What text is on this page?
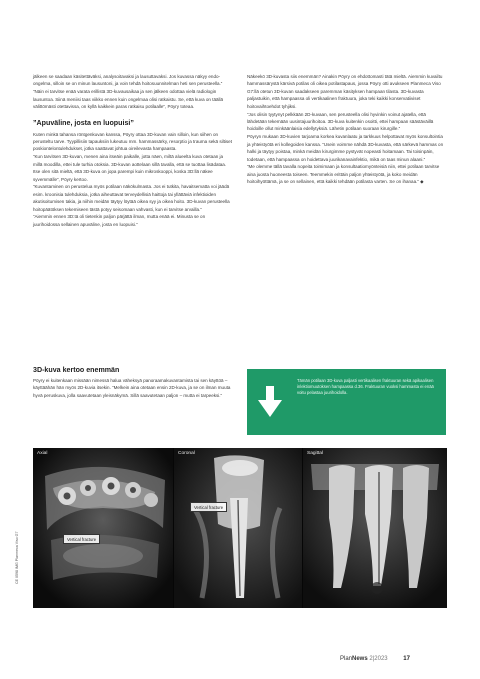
jälkeen se saadaan käsitettäväksi, analysoitavaksi ja lausuttavaksi. Jos kuvassa näkyy endo-ongelma, silloin se on minun lausuntoni, ja voin tehdä hoitosuunnitelman heti sen perusteella.”

”Näin ei tarvitse enää varata erillistä 3D-kuvausaikaa ja sen jälkeen odottaa vielä radiologin lausuntoa. Siinä meniisi taas viikko ennen kuin ongelmaa olisi ratkaistu. Se, että kuva on täällä välittömästi otettavissa, on kyllä kaikkein paras ratkaisu potilaalle”, Pöyry toteaa.

”Apuväline, josta en luopuisi”

Kuten minkä tahansa röntgenkuvan kanssa, Pöyry ottaa 3D-kuvan vain silloin, kun siihen on perusteltu tarve. Tyypillisiin tapauksiin lukeutuu mm. hammassärky, resorptio ja trauma sekä siltiset poskiontelontulehdukset, jotka saattavat johtua oireilevasta hampaasta.

”Kun tarvitsen 3D-kuvan, menen aina itseäin paikalle, jotta näen, miltä alueelta kuva otetaan ja millä moodilla, ettei tule turhia otoksia. 3D-kuvan aottelaan sillä tavalla, että se tuottaa lisädataa. Itse olen sitä mieltä, että 3D-kuva on jopa parempi kuin mikroskooppi, koska 3D:llä näkee syvemmälle”, Pöyry kertoo.

”Kuvantaminen on perustelua myös potilaan näkökulmasta. Jos ei tutkita, havaitsematta voi jäädä esim. kroonisia tulehduksia, jotka aiheuttavat terveydellisiä haittoja tai yllättäviä infektioiden akutisoitumisen takia, ja niihin meidän täytyy löytää oikea syy ja oikea hoito. 3D-kuvan perusteella hoitopäätöksen tekemiseen tästä potyy seisomaan vahvasti, kun ei tarvitse arvailla.”

”Aiemmin ennen 3D:tä oli tietenkin paljon pärjättä ilman, mutta enää ei. Minusta se on juurihoidossa sellainen apuväline, josta en luopuisi.”

3D-kuva kertoo enemmän
Pöyry ei kuitenkaan missään nimessä halua väheksyä panoraamakuvantamista tai sen käyttöä – käyttäähän hän myös 2D-kuvia itsekin. ”Melkein aina otetaan ensin 2D-kuva, ja se on ilman muuta hyvä peruskuva, jolla saavutetaan yleisnäkymä. Sillä saavutetaan paljon – mutta ei tarpeeksi.”

Näkeekö 3D-kuvasta siis enemmän? Ainakin Pöyry on ehdottomasti tätä mieltä. Aiemmin kuvailtu hammassärystä kärsivä potilas oli oikea potilastapaus, jossa Pöyry otti avukseen Planmeca Viso G7:llä otetun 3D-kuvan saadakseen paremman käsityksen hampaan tilasta. 3D-kuvasta paljastuikin, että hampaassa oli vertikaalinen fraktuura, joka teki kaikki konservatiiviset hoitovaihtoehdot tyhjiksi.

”Jos olisin tyytynyt pelkkään 2D-kuvaan, sen perusteella olisi hyvinkin voinut ajatella, että lähdetään tekemään uusintajuurihoitoa. 3D-kuva kuitenkin osoitti, ettei hampaan säästäväillä hoidoille ollut minkäänlaisia edellytyksiä. Lähetin potilaan suoraan kirurgille.”

Pöyryn mukaan 3D-kuvien tarjoama korkea kuvanlaatu ja tarkkuus helpottavat myös konsultointia ja yhteistyötä eri kollegoiden kanssa. ”Usein voimme nähdä 3D-kuvasta, että särkevä hammas on halki ja täytyy poistaa, minkä meidän kirurgimme pystyvät nopeasti hoitamaan. Tai toisinpäin, todetaan, että hampaassa on hoidettava juurikanavainfektio, mikä on taas minun alaani.”

”Me olemme tällä tavalla nopeita toimimaan ja konsultaatiomyönteisiä niin, ettei potilaan tarvitse aina juosta huoneesta toiseen. Teemmekin erittäin paljon yhteistyötä, ja koko meidän hoitoihyöttämä, ja se on sellainen, että kaikki tehdään potilasta varten. Se on ihanaa.” ◆

Tämän potilaan 3D-kuva paljasti vertikaalisen fraktuuran sekä apikaalisen inlektiomuutoksen hampaassa d.36. Fraktuuran vuoksi hammasta ei enää voitu pelastaa juurihoidolla.
Axial
Vertical fracture
Coronal
Vertical fracture
Sagittal
CE 0598 IMG Planmeca Viso G7
PlanNews 2|2023	17
